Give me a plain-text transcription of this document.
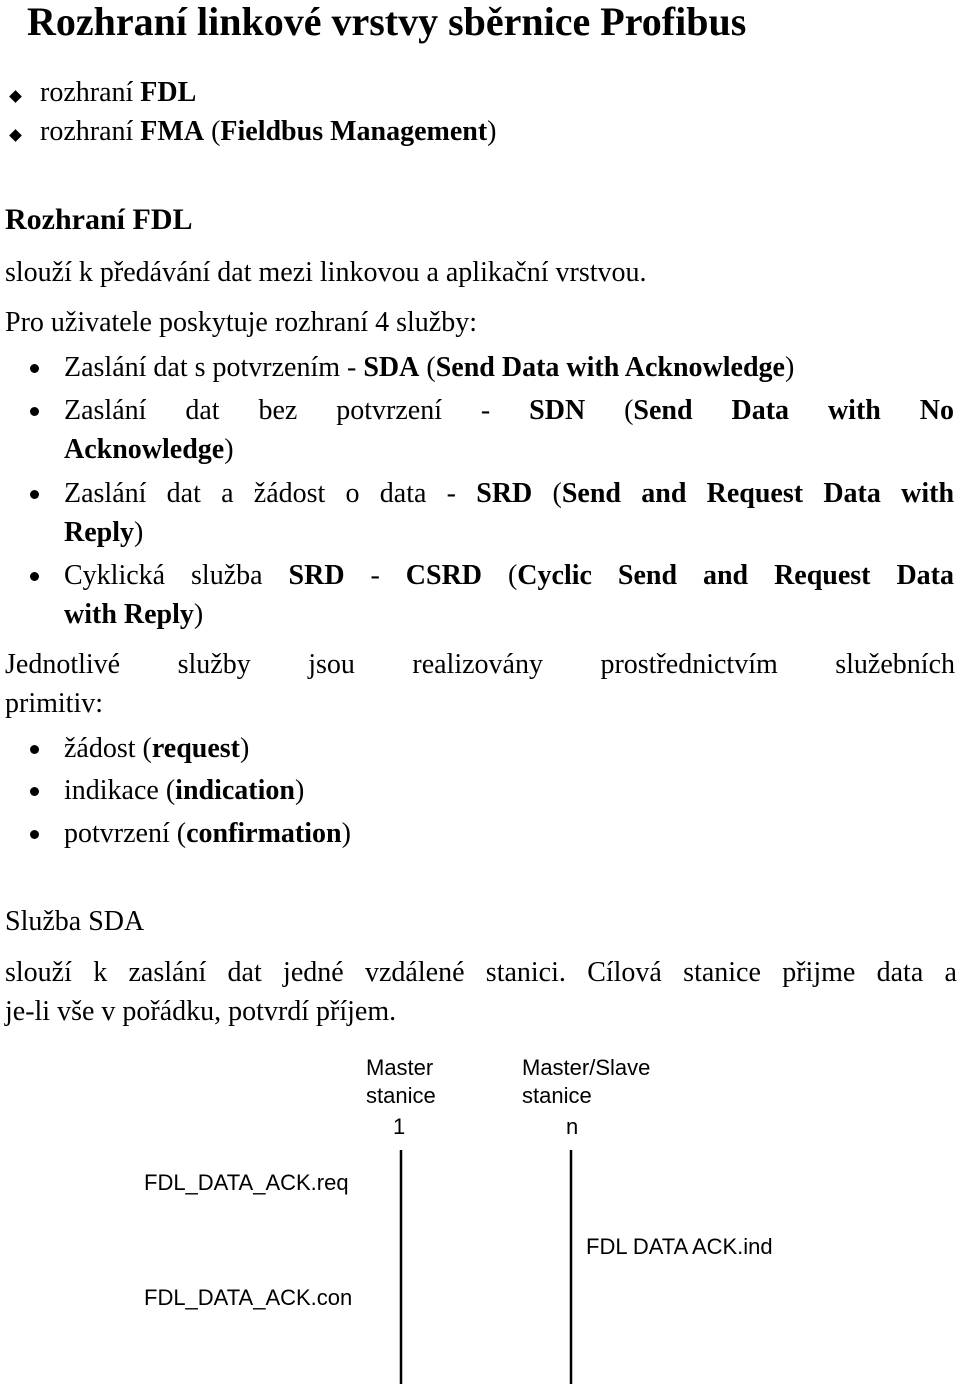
Rozhraní linkové vrstvy sběrnice Profibus
rozhraní FDL
rozhraní FMA (Fieldbus Management)
Rozhraní FDL
slouží k předávání dat mezi linkovou a aplikační vrstvou.
Pro uživatele poskytuje rozhraní 4 služby:
Zaslání dat s potvrzením - SDA (Send Data with Acknowledge)
Zaslání dat bez potvrzení - SDN (Send Data with No
Acknowledge)
Zaslání dat a žádost o data - SRD (Send and Request Data with
Reply)
Cyklická služba SRD - CSRD (Cyclic Send and Request Data
with Reply)
Jednotlivé služby jsou realizovány prostřednictvím služebních
primitiv:
žádost (request)
indikace (indication)
potvrzení (confirmation)
Služba SDA
slouží k zaslání dat jedné vzdálené stanici. Cílová stanice přijme data a
je-li vše v pořádku, potvrdí příjem.
Master
stanice
1
Master/Slave
stanice
n
FDL_DATA_ACK.req
FDL DATA ACK.ind
FDL_DATA_ACK.con
